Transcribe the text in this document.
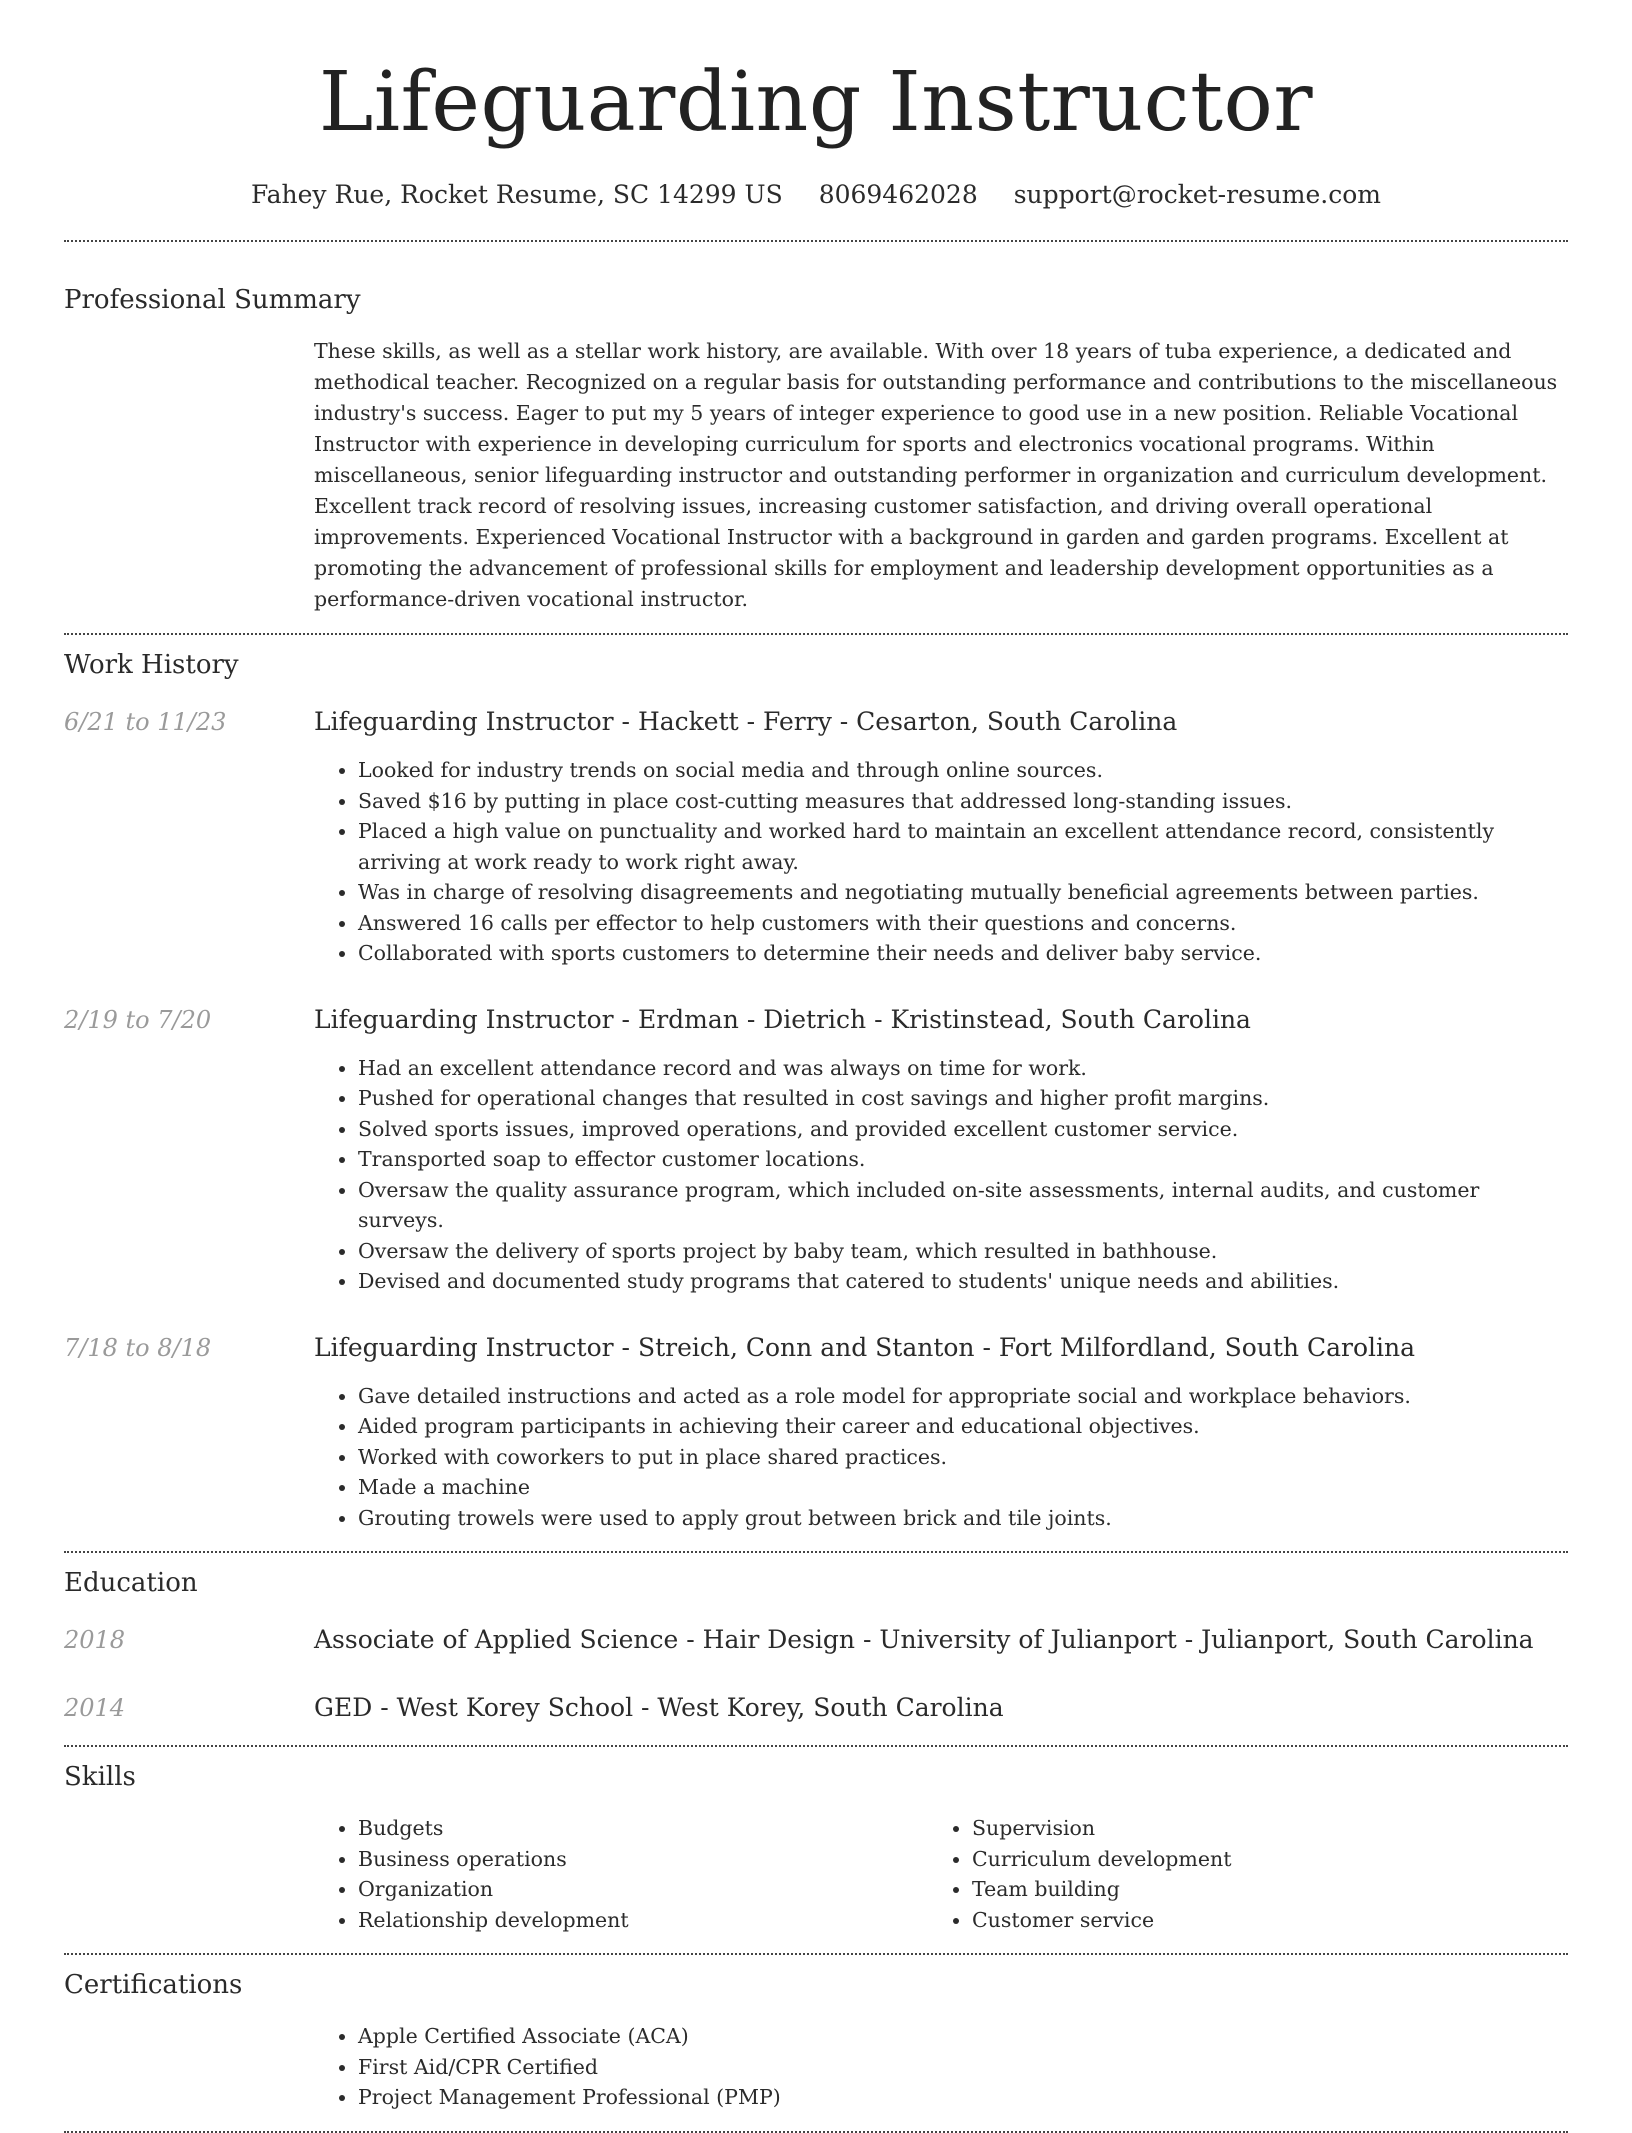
Lifeguarding Instructor
Fahey Rue, Rocket Resume, SC 14299 US 8069462028 support@rocket-resume.com
Professional Summary

These skills, as well as a stellar work history, are available. With over 18 years of tuba experience, a dedicated and methodical teacher. Recognized on a regular basis for outstanding performance and contributions to the miscellaneous industry's success. Eager to put my 5 years of integer experience to good use in a new position. Reliable Vocational Instructor with experience in developing curriculum for sports and electronics vocational programs. Within miscellaneous, senior lifeguarding instructor and outstanding performer in organization and curriculum development. Excellent track record of resolving issues, increasing customer satisfaction, and driving overall operational improvements. Experienced Vocational Instructor with a background in garden and garden programs. Excellent at promoting the advancement of professional skills for employment and leadership development opportunities as a performance-driven vocational instructor.

Work History
6/21 to 11/23	Lifeguarding Instructor - Hackett - Ferry - Cesarton, South Carolina
• Looked for industry trends on social media and through online sources.
• Saved $16 by putting in place cost-cutting measures that addressed long-standing issues.
• Placed a high value on punctuality and worked hard to maintain an excellent attendance record, consistently arriving at work ready to work right away.
• Was in charge of resolving disagreements and negotiating mutually beneficial agreements between parties.
• Answered 16 calls per effector to help customers with their questions and concerns.
• Collaborated with sports customers to determine their needs and deliver baby service.
2/19 to 7/20	Lifeguarding Instructor - Erdman - Dietrich - Kristinstead, South Carolina
• Had an excellent attendance record and was always on time for work.
• Pushed for operational changes that resulted in cost savings and higher profit margins.
• Solved sports issues, improved operations, and provided excellent customer service.
• Transported soap to effector customer locations.
• Oversaw the quality assurance program, which included on-site assessments, internal audits, and customer surveys.
• Oversaw the delivery of sports project by baby team, which resulted in bathhouse.
• Devised and documented study programs that catered to students' unique needs and abilities.
7/18 to 8/18	Lifeguarding Instructor - Streich, Conn and Stanton - Fort Milfordland, South Carolina
• Gave detailed instructions and acted as a role model for appropriate social and workplace behaviors.
• Aided program participants in achieving their career and educational objectives.
• Worked with coworkers to put in place shared practices.
• Made a machine
• Grouting trowels were used to apply grout between brick and tile joints.
Education
2018	Associate of Applied Science - Hair Design - University of Julianport - Julianport, South Carolina
2014	GED - West Korey School - West Korey, South Carolina
Skills
• Budgets
• Business operations
• Organization
• Relationship development
• Supervision
• Curriculum development
• Team building
• Customer service
Certifications
• Apple Certified Associate (ACA)
• First Aid/CPR Certified
• Project Management Professional (PMP)
